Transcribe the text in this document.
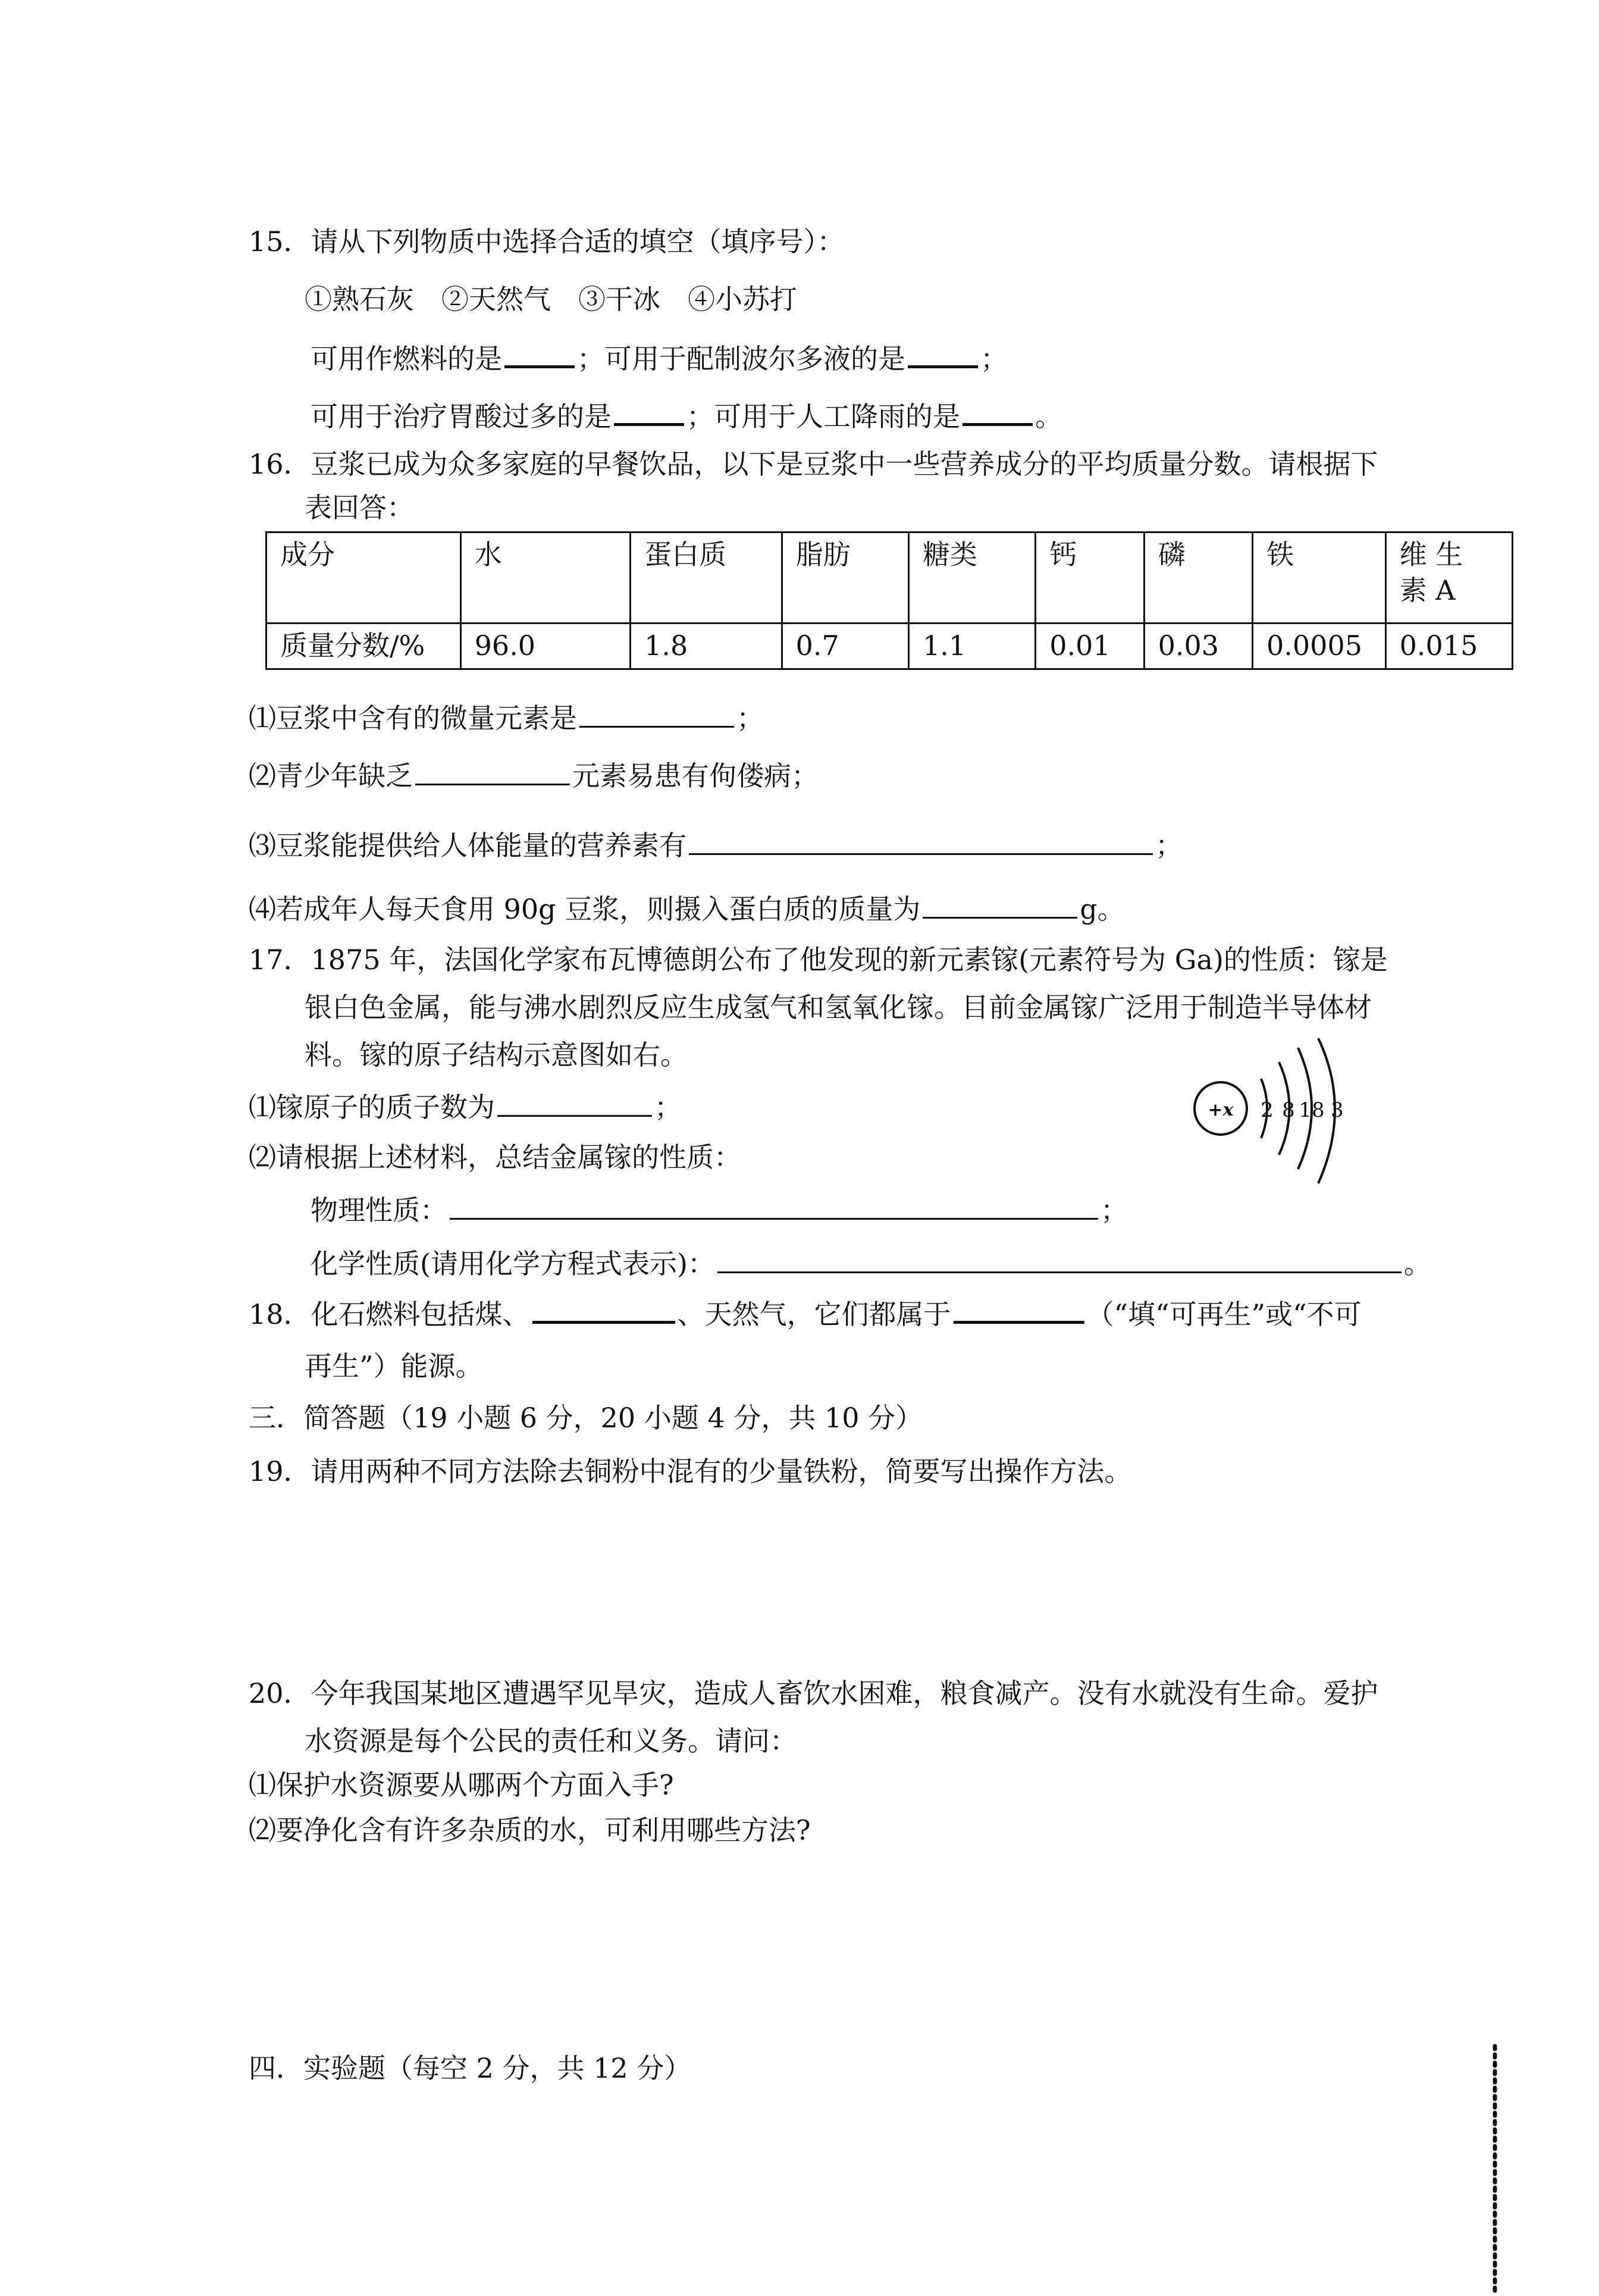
15．请从下列物质中选择合适的填空（填序号）：
①熟石灰　②天然气　③干冰　④小苏打
可用作燃料的是	；可用于配制波尔多液的是	；
可用于治疗胃酸过多的是	；可用于人工降雨的是	。
16．豆浆已成为众多家庭的早餐饮品，以下是豆浆中一些营养成分的平均质量分数。请根据下
表回答：
成分	水	蛋白质	脂肪	糖类	钙	磷	铁	维 生 素 A
质量分数/%	96.0	1.8	0.7	1.1	0.01	0.03	0.0005	0.015
⑴豆浆中含有的微量元素是	；
⑵青少年缺乏	元素易患有佝偻病；
⑶豆浆能提供给人体能量的营养素有	；
⑷若成年人每天食用 90g 豆浆，则摄入蛋白质的质量为	g。
17．1875 年，法国化学家布瓦博德朗公布了他发现的新元素镓(元素符号为 Ga)的性质：镓是
银白色金属，能与沸水剧烈反应生成氢气和氢氧化镓。目前金属镓广泛用于制造半导体材
料。镓的原子结构示意图如右。
⑴镓原子的质子数为	；
⑵请根据上述材料，总结金属镓的性质：
物理性质：	；
化学性质(请用化学方程式表示)：	。
+x 2 8 18 3
18．化石燃料包括煤、	、天然气，它们都属于	（“填“可再生”或“不可
再生”）能源。
三．简答题（19 小题 6 分，20 小题 4 分，共 10 分）
19．请用两种不同方法除去铜粉中混有的少量铁粉，简要写出操作方法。
20．今年我国某地区遭遇罕见旱灾，造成人畜饮水困难，粮食减产。没有水就没有生命。爱护
水资源是每个公民的责任和义务。请问：
⑴保护水资源要从哪两个方面入手?
⑵要净化含有许多杂质的水，可利用哪些方法?
四．实验题（每空 2 分，共 12 分）
